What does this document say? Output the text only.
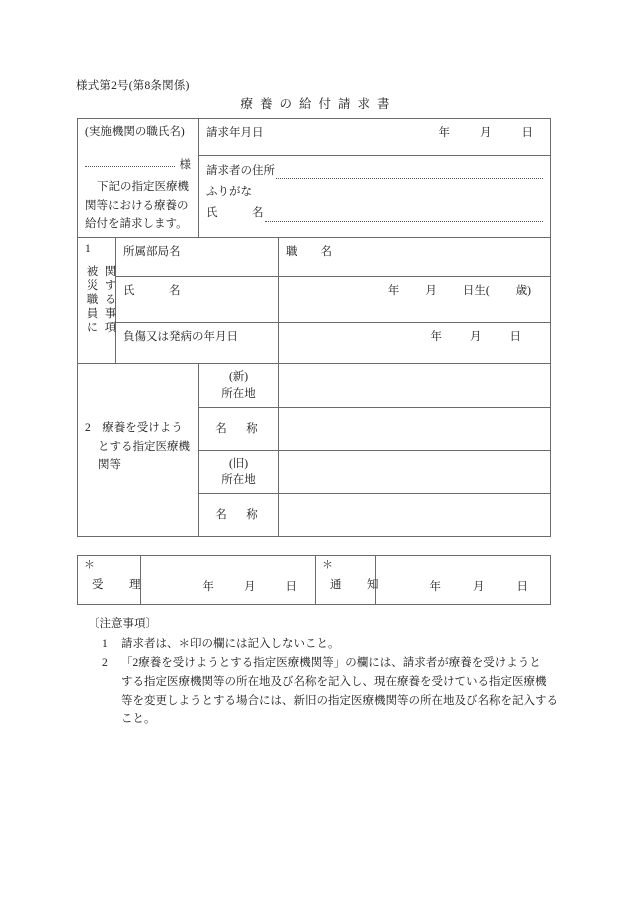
様式第2号(第8条関係)
療養の給付請求書
(実施機関の職氏名)
様
下記の指定医療機関等における療養の
給付を請求します。

請求年月日	年	月	日

		請求者の住所
ふりがな
氏　　　名	

1
被災職員に 関する事項	所属部局名		職　　名

	氏　　　名		年 月 日生( 歳)

	負傷又は発病の年月日		年 月 日

2　療養を受けよう
とする指定医療機
関等		(新)
所在地	

		名　称	

		(旧)
所在地	

		名　称	

＊
受　理	年	月	日

＊
通　知	年	月	日
〔注意事項〕
1 請求者は、＊印の欄には記入しないこと。
2 「2療養を受けようとする指定医療機関等」の欄には、請求者が療養を受けようと
する指定医療機関等の所在地及び名称を記入し、現在療養を受けている指定医療機
等を変更しようとする場合には、新旧の指定医療機関等の所在地及び名称を記入する
こと。
